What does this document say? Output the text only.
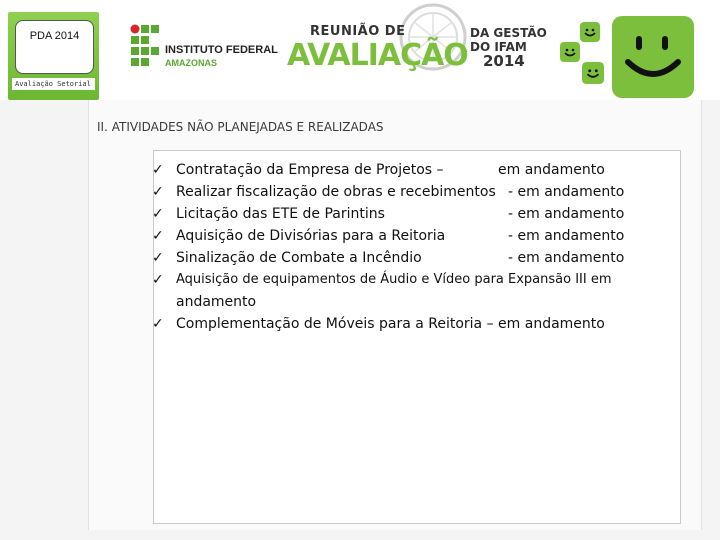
PDA 2014
Avaliação Setorial
INSTITUTO FEDERAL
AMAZONAS
REUNIÃO DE
AVALIAÇÃO
DA GESTÃO
DO IFAM
2014
II. ATIVIDADES NÃO PLANEJADAS E REALIZADAS
✓ Contratação da Empresa de Projetos –	em andamento
✓ Realizar fiscalização de obras e recebimentos - em andamento
✓ Licitação das ETE de Parintins	- em andamento
✓ Aquisição de Divisórias para a Reitoria	- em andamento
✓ Sinalização de Combate a Incêndio	- em andamento
✓ Aquisição de equipamentos de Áudio e Vídeo para Expansão III em
andamento
✓ Complementação de Móveis para a Reitoria – em andamento
